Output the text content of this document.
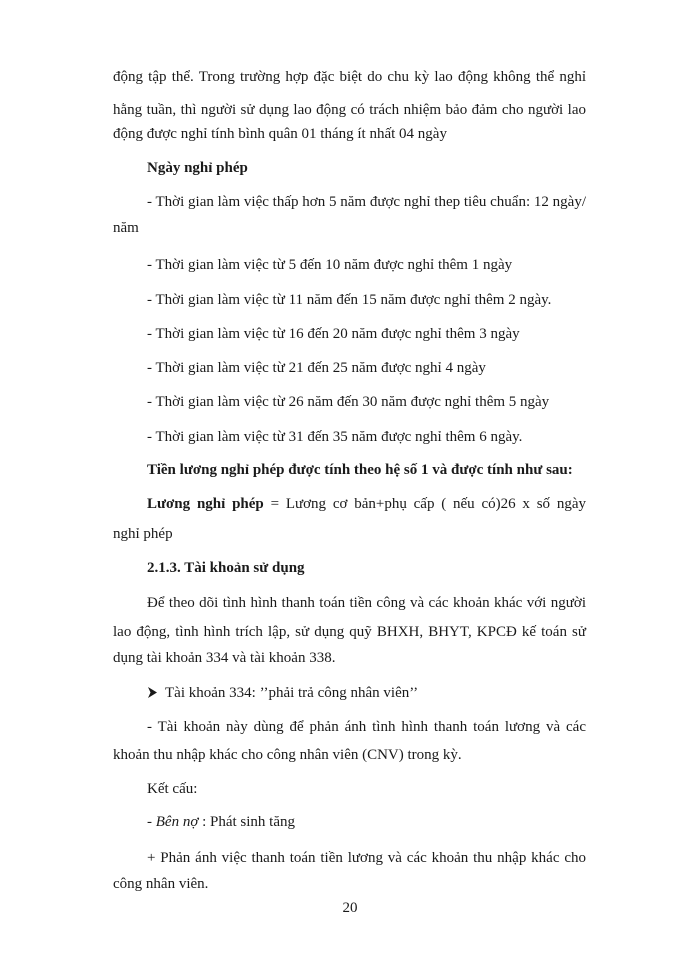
động tập thể. Trong trường hợp đặc biệt do chu kỳ lao động không thể nghỉ
hằng tuần, thì người sử dụng lao động có trách nhiệm bảo đảm cho người lao
động được nghỉ tính bình quân 01 tháng ít nhất 04 ngày
Ngày nghỉ phép
- Thời gian làm việc thấp hơn 5 năm được nghỉ thep tiêu chuẩn: 12 ngày/
năm
- Thời gian làm việc từ 5 đến 10 năm được nghỉ thêm 1 ngày
- Thời gian làm việc từ 11 năm đến 15 năm được nghỉ thêm 2 ngày.
- Thời gian làm việc từ 16 đến 20 năm được nghỉ thêm 3 ngày
- Thời gian làm việc từ 21 đến 25 năm được nghỉ 4 ngày
- Thời gian làm việc từ 26 năm đến 30 năm được nghỉ thêm 5 ngày
- Thời gian làm việc từ 31 đến 35 năm được nghỉ thêm 6 ngày.
Tiền lương nghỉ phép được tính theo hệ số 1 và được tính như sau:
Lương nghỉ phép = Lương cơ bản+phụ cấp ( nếu có)26 x số ngày
nghỉ phép
2.1.3. Tài khoản sử dụng
Để theo dõi tình hình thanh toán tiền công và các khoản khác với người
lao động, tình hình trích lập, sử dụng quỹ BHXH, BHYT, KPCĐ kế toán sử
dụng tài khoản 334 và tài khoản 338.
Tài khoản 334: ’’phải trả công nhân viên’’
- Tài khoản này dùng để phản ánh tình hình thanh toán lương và các
khoản thu nhập khác cho công nhân viên (CNV) trong kỳ.
Kết cấu:
- Bên nợ : Phát sinh tăng
+ Phản ánh việc thanh toán tiền lương và các khoản thu nhập khác cho
công nhân viên.
20
